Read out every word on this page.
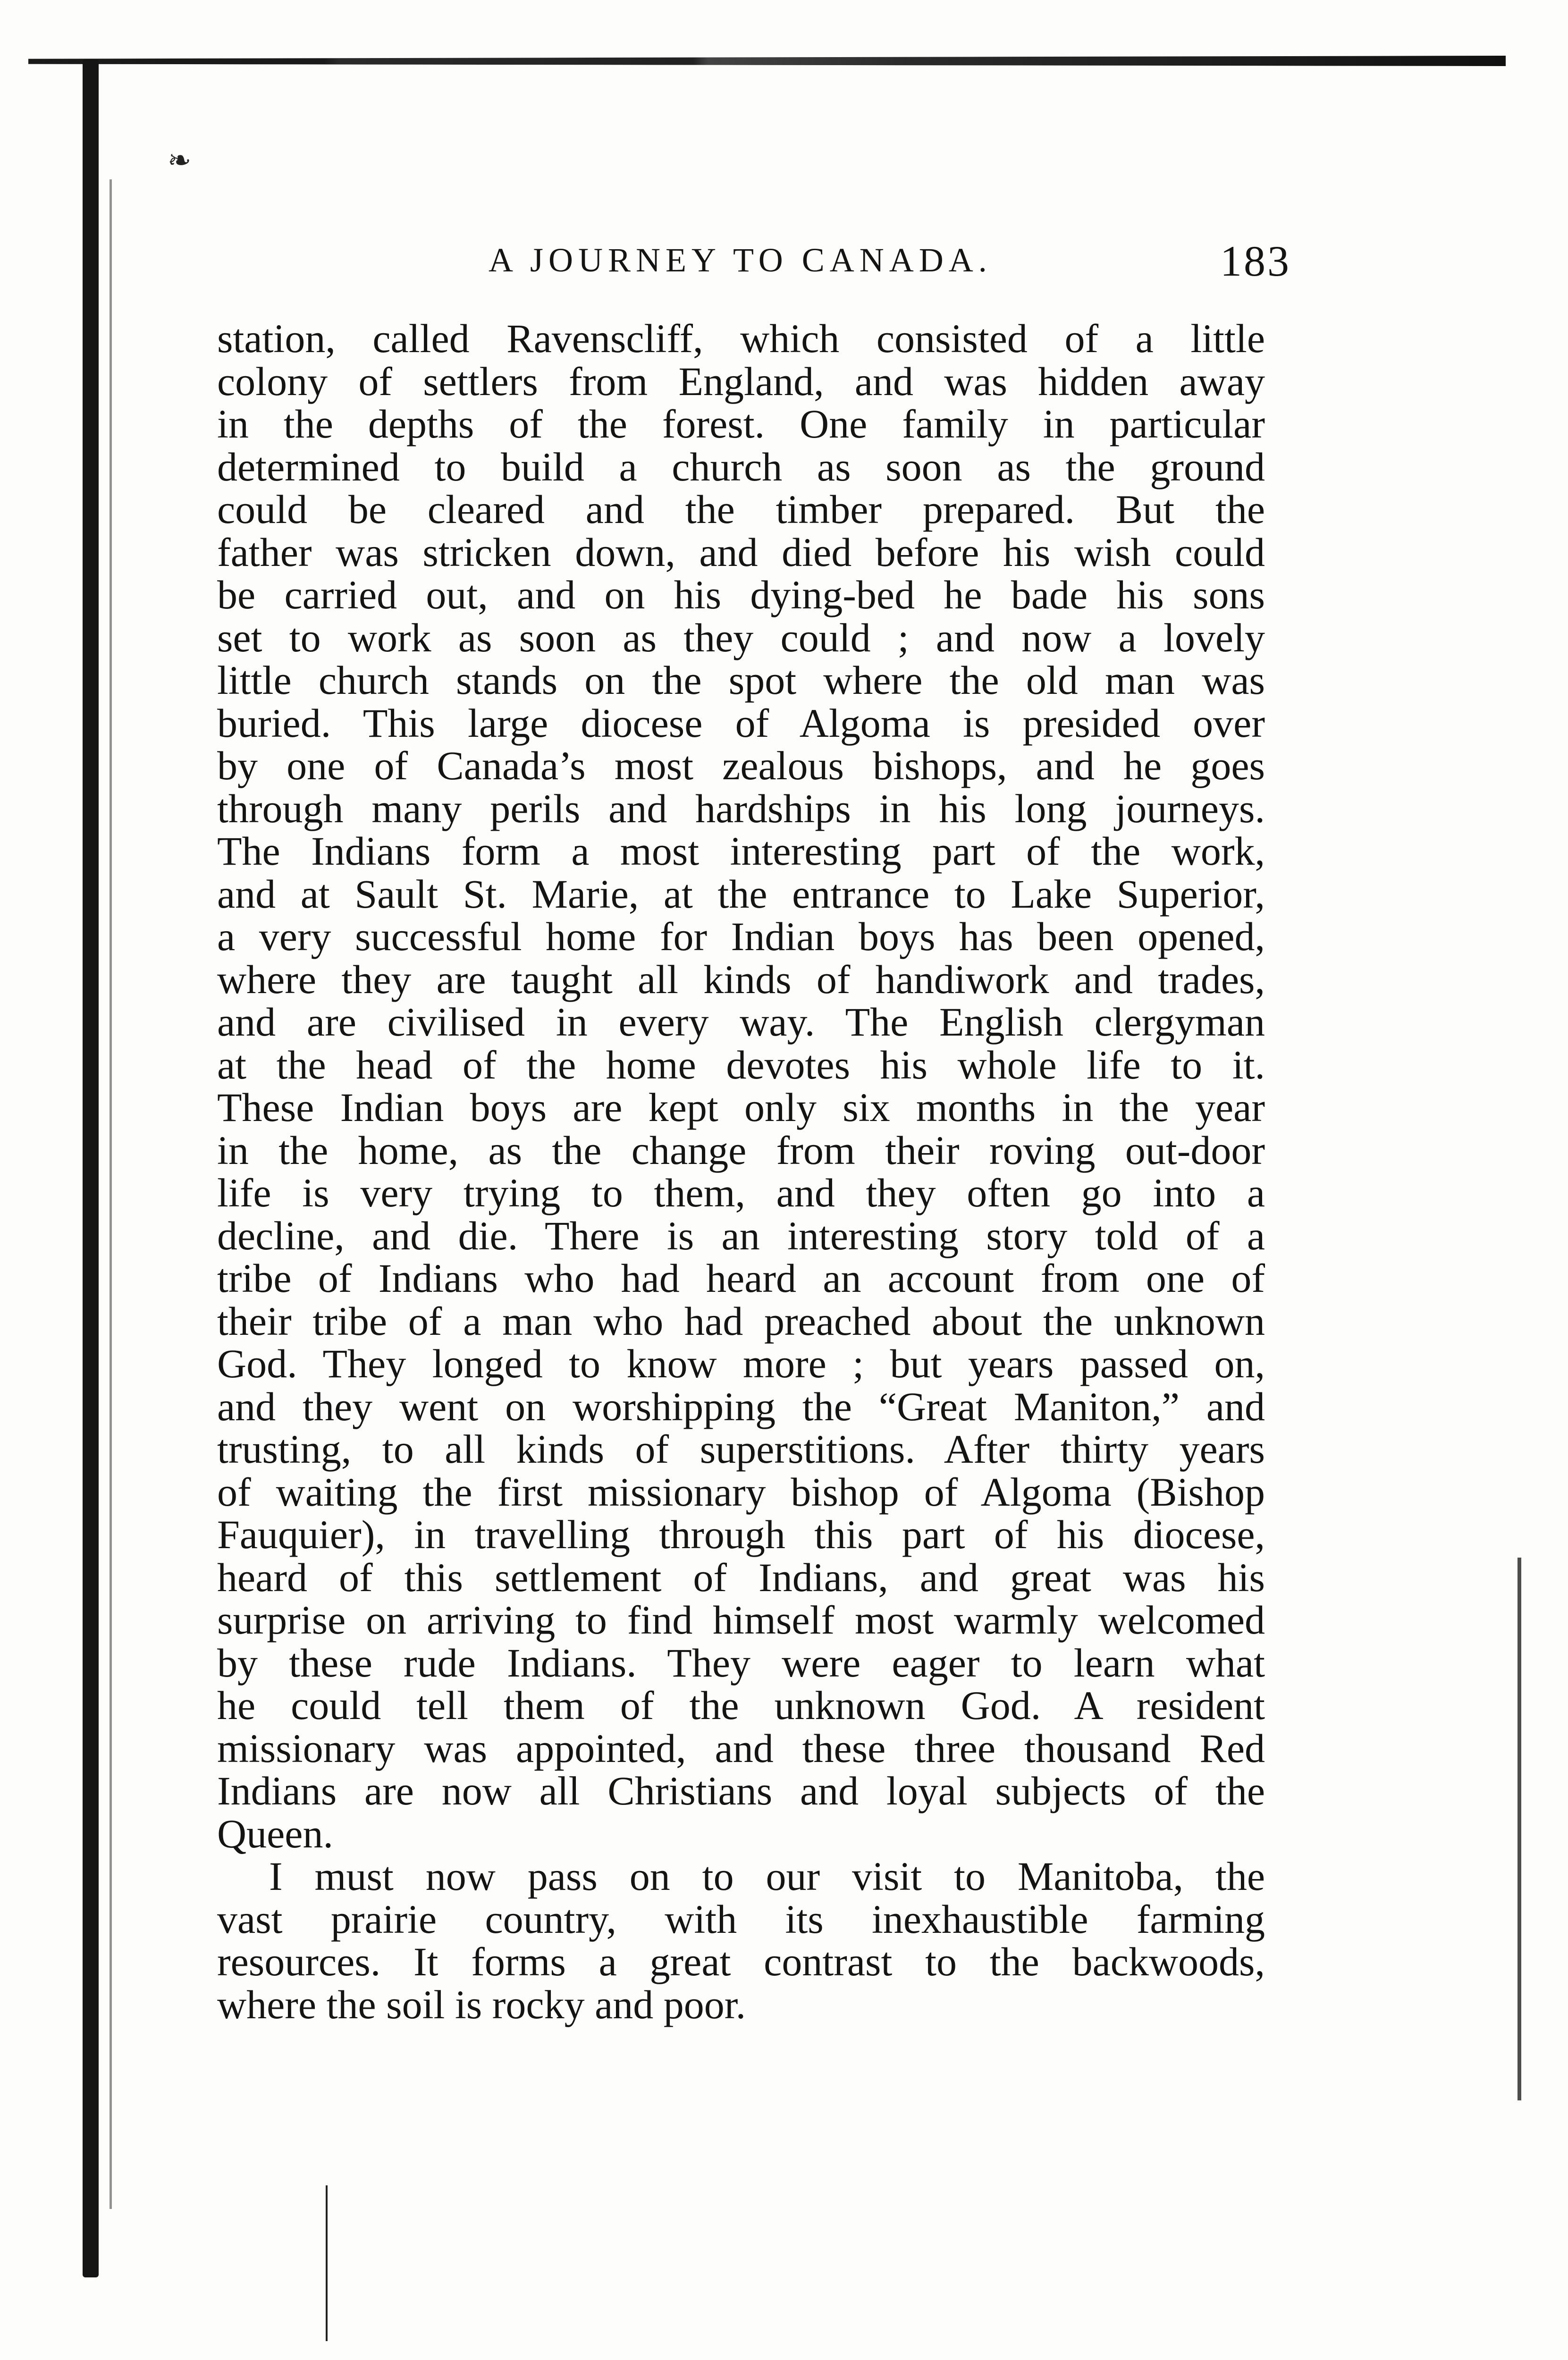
❧
A JOURNEY TO CANADA.	183
station, called Ravenscliff, which consisted of a little
colony of settlers from England, and was hidden away
in the depths of the forest. One family in particular
determined to build a church as soon as the ground
could be cleared and the timber prepared. But the
father was stricken down, and died before his wish could
be carried out, and on his dying-bed he bade his sons
set to work as soon as they could ; and now a lovely
little church stands on the spot where the old man was
buried. This large diocese of Algoma is presided over
by one of Canada’s most zealous bishops, and he goes
through many perils and hardships in his long journeys.
The Indians form a most interesting part of the work,
and at Sault St. Marie, at the entrance to Lake Superior,
a very successful home for Indian boys has been opened,
where they are taught all kinds of handiwork and trades,
and are civilised in every way. The English clergyman
at the head of the home devotes his whole life to it.
These Indian boys are kept only six months in the year
in the home, as the change from their roving out-door
life is very trying to them, and they often go into a
decline, and die. There is an interesting story told of a
tribe of Indians who had heard an account from one of
their tribe of a man who had preached about the unknown
God. They longed to know more ; but years passed on,
and they went on worshipping the “Great Maniton,” and
trusting, to all kinds of superstitions. After thirty years
of waiting the first missionary bishop of Algoma (Bishop
Fauquier), in travelling through this part of his diocese,
heard of this settlement of Indians, and great was his
surprise on arriving to find himself most warmly welcomed
by these rude Indians. They were eager to learn what
he could tell them of the unknown God. A resident
missionary was appointed, and these three thousand Red
Indians are now all Christians and loyal subjects of the
Queen.
I must now pass on to our visit to Manitoba, the
vast prairie country, with its inexhaustible farming
resources. It forms a great contrast to the backwoods,
where the soil is rocky and poor.
